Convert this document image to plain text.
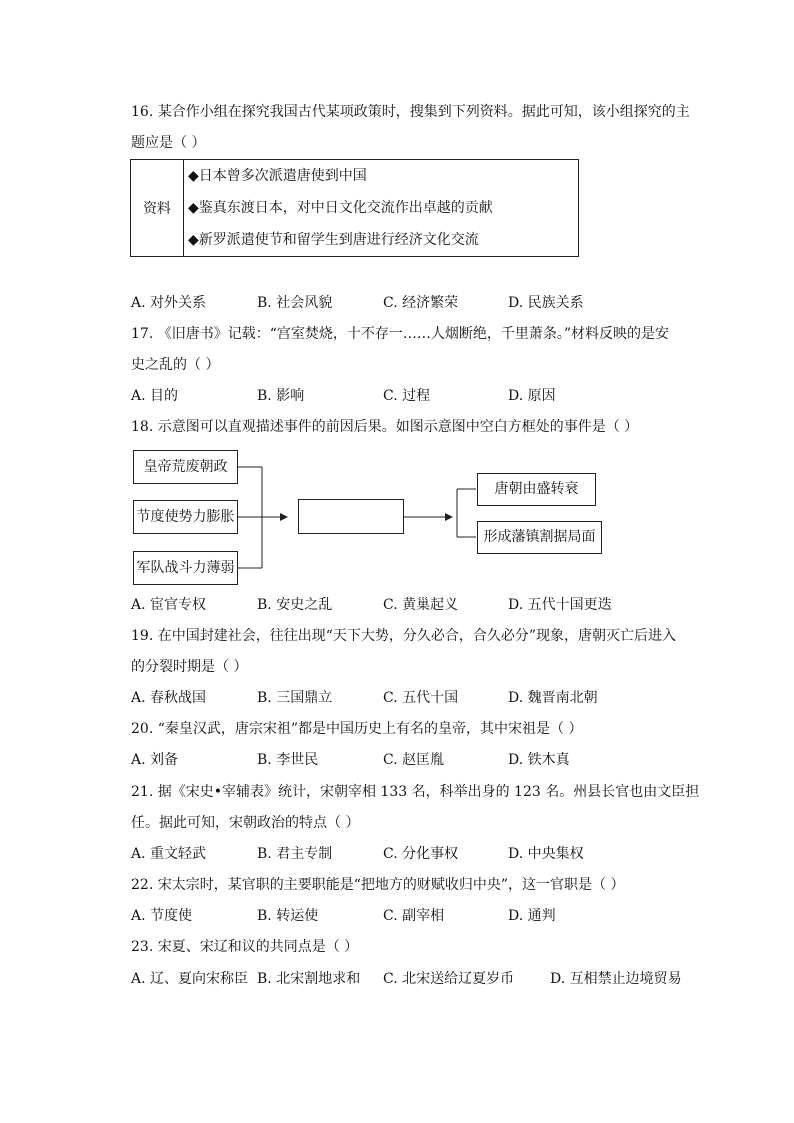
16. 某合作小组在探究我国古代某项政策时，搜集到下列资料。据此可知，该小组探究的主
题应是（ ）
资料	
◆日本曾多次派遣唐使到中国
◆鉴真东渡日本，对中日文化交流作出卓越的贡献
◆新罗派遣使节和留学生到唐进行经济文化交流
A. 对外关系	B. 社会风貌	C. 经济繁荣	D. 民族关系
17. 《旧唐书》记载：“宫室焚烧，十不存一……人烟断绝，千里萧条。”材料反映的是安
史之乱的（ ）
A. 目的	B. 影响	C. 过程	D. 原因
18. 示意图可以直观描述事件的前因后果。如图示意图中空白方框处的事件是（ ）
皇帝荒废朝政
节度使势力膨胀
军队战斗力薄弱
唐朝由盛转衰
形成藩镇割据局面
A. 宦官专权	B. 安史之乱	C. 黄巢起义	D. 五代十国更迭
19. 在中国封建社会，往往出现“天下大势，分久必合，合久必分”现象，唐朝灭亡后进入
的分裂时期是（ ）
A. 春秋战国	B. 三国鼎立	C. 五代十国	D. 魏晋南北朝
20. “秦皇汉武，唐宗宋祖”都是中国历史上有名的皇帝，其中宋祖是（ ）
A. 刘备	B. 李世民	C. 赵匡胤	D. 铁木真
21. 据《宋史•宰辅表》统计，宋朝宰相 133 名，科举出身的 123 名。州县长官也由文臣担
任。据此可知，宋朝政治的特点（ ）
A. 重文轻武	B. 君主专制	C. 分化事权	D. 中央集权
22. 宋太宗时，某官职的主要职能是“把地方的财赋收归中央”，这一官职是（ ）
A. 节度使	B. 转运使	C. 副宰相	D. 通判
23. 宋夏、宋辽和议的共同点是（ ）
A. 辽、夏向宋称臣 B. 北宋割地求和 C. 北宋送给辽夏岁币	D. 互相禁止边境贸易
